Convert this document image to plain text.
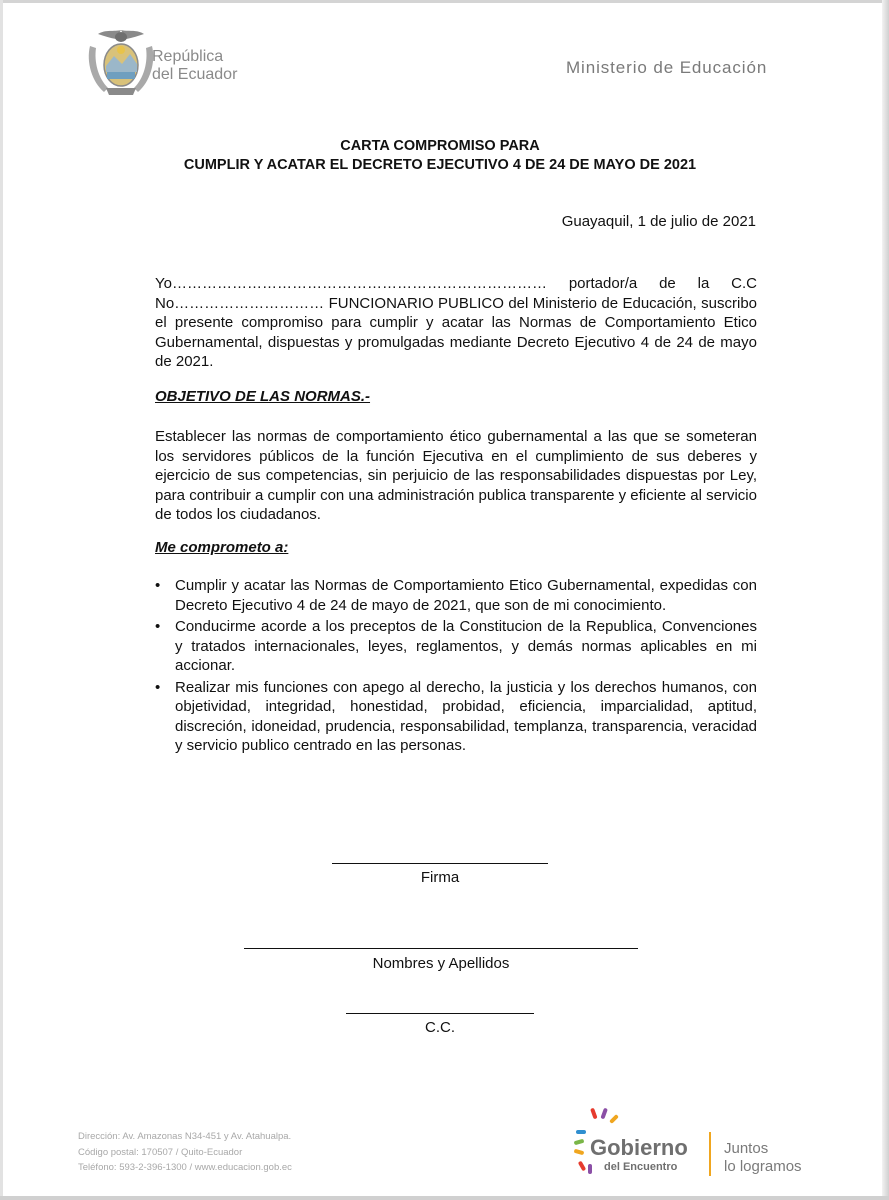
República
del Ecuador	Ministerio de Educación
CARTA COMPROMISO PARA
CUMPLIR Y ACATAR EL DECRETO EJECUTIVO 4 DE 24 DE MAYO DE 2021
Guayaquil, 1 de julio de 2021
Yo………………………………………………………………… portador/a de la C.C No………………………… FUNCIONARIO PUBLICO del Ministerio de Educación, suscribo el presente compromiso para cumplir y acatar las Normas de Comportamiento Etico Gubernamental, dispuestas y promulgadas mediante Decreto Ejecutivo 4 de 24 de mayo de 2021.
OBJETIVO DE LAS NORMAS.-
Establecer las normas de comportamiento ético gubernamental a las que se someteran los servidores públicos de la función Ejecutiva en el cumplimiento de sus deberes y ejercicio de sus competencias, sin perjuicio de las responsabilidades dispuestas por Ley, para contribuir a cumplir con una administración publica transparente y eficiente al servicio de todos los ciudadanos.
Me comprometo a:
• Cumplir y acatar las Normas de Comportamiento Etico Gubernamental, expedidas con Decreto Ejecutivo 4 de 24 de mayo de 2021, que son de mi conocimiento.
• Conducirme acorde a los preceptos de la Constitucion de la Republica, Convenciones y tratados internacionales, leyes, reglamentos, y demás normas aplicables en mi accionar.
• Realizar mis funciones con apego al derecho, la justicia y los derechos humanos, con objetividad, integridad, honestidad, probidad, eficiencia, imparcialidad, aptitud, discreción, idoneidad, prudencia, responsabilidad, templanza, transparencia, veracidad y servicio publico centrado en las personas.
Firma
Nombres y Apellidos
C.C.
Dirección: Av. Amazonas N34-451 y Av. Atahualpa.
Código postal: 170507 / Quito-Ecuador
Teléfono: 593-2-396-1300 / www.educacion.gob.ec
Gobierno
del Encuentro
Juntos
lo logramos
